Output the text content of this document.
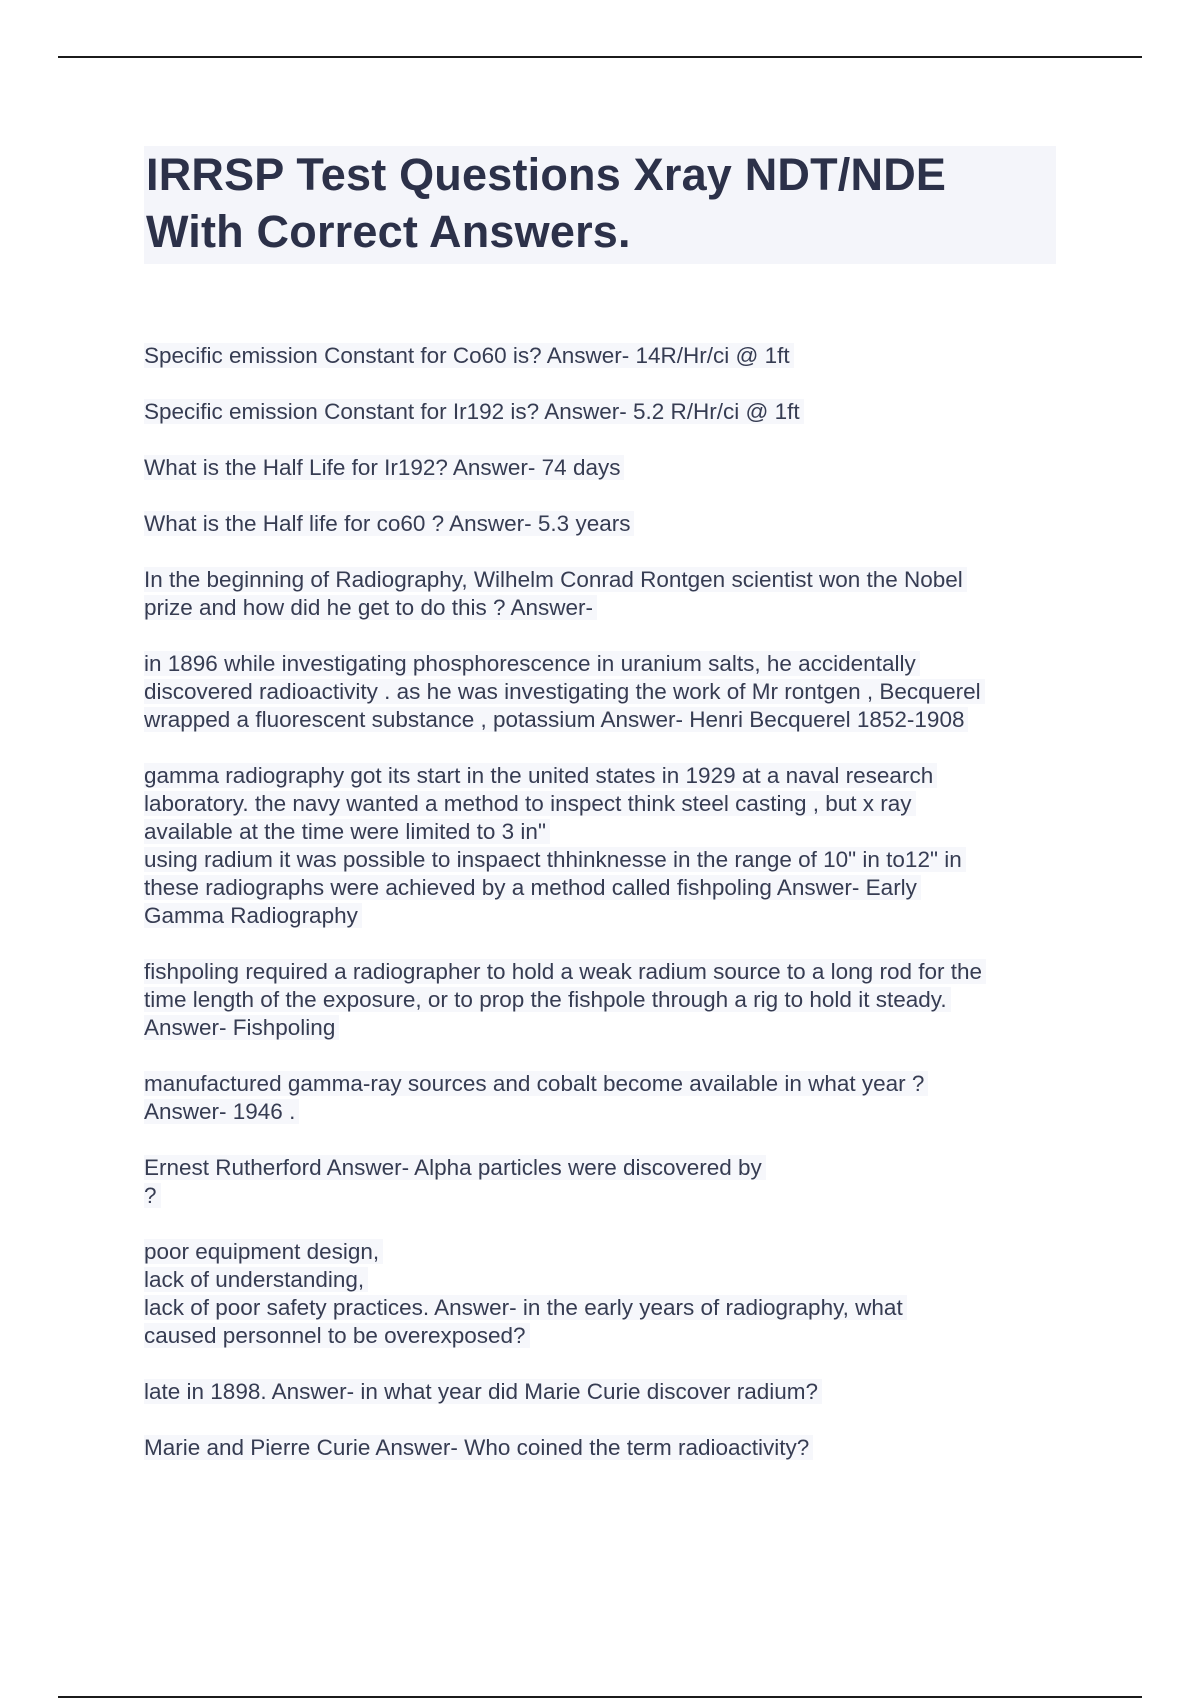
IRRSP Test Questions Xray NDT/NDE With Correct Answers.
Specific emission Constant for Co60 is? Answer- 14R/Hr/ci @ 1ft
Specific emission Constant for Ir192 is? Answer- 5.2 R/Hr/ci @ 1ft
What is the Half Life for Ir192? Answer- 74 days
What is the Half life for co60 ? Answer- 5.3 years
In the beginning of Radiography, Wilhelm Conrad Rontgen scientist won the Nobel
prize and how did he get to do this ? Answer-
in 1896 while investigating phosphorescence in uranium salts, he accidentally
discovered radioactivity . as he was investigating the work of Mr rontgen , Becquerel
wrapped a fluorescent substance , potassium Answer- Henri Becquerel 1852-1908
gamma radiography got its start in the united states in 1929 at a naval research
laboratory. the navy wanted a method to inspect think steel casting , but x ray
available at the time were limited to 3 in"
using radium it was possible to inspaect thhinknesse in the range of 10" in to12" in
these radiographs were achieved by a method called fishpoling Answer- Early
Gamma Radiography
fishpoling required a radiographer to hold a weak radium source to a long rod for the
time length of the exposure, or to prop the fishpole through a rig to hold it steady.
Answer- Fishpoling
manufactured gamma-ray sources and cobalt become available in what year ?
Answer- 1946 .
Ernest Rutherford Answer- Alpha particles were discovered by
?
poor equipment design,
lack of understanding,
lack of poor safety practices. Answer- in the early years of radiography, what
caused personnel to be overexposed?
late in 1898. Answer- in what year did Marie Curie discover radium?
Marie and Pierre Curie Answer- Who coined the term radioactivity?
